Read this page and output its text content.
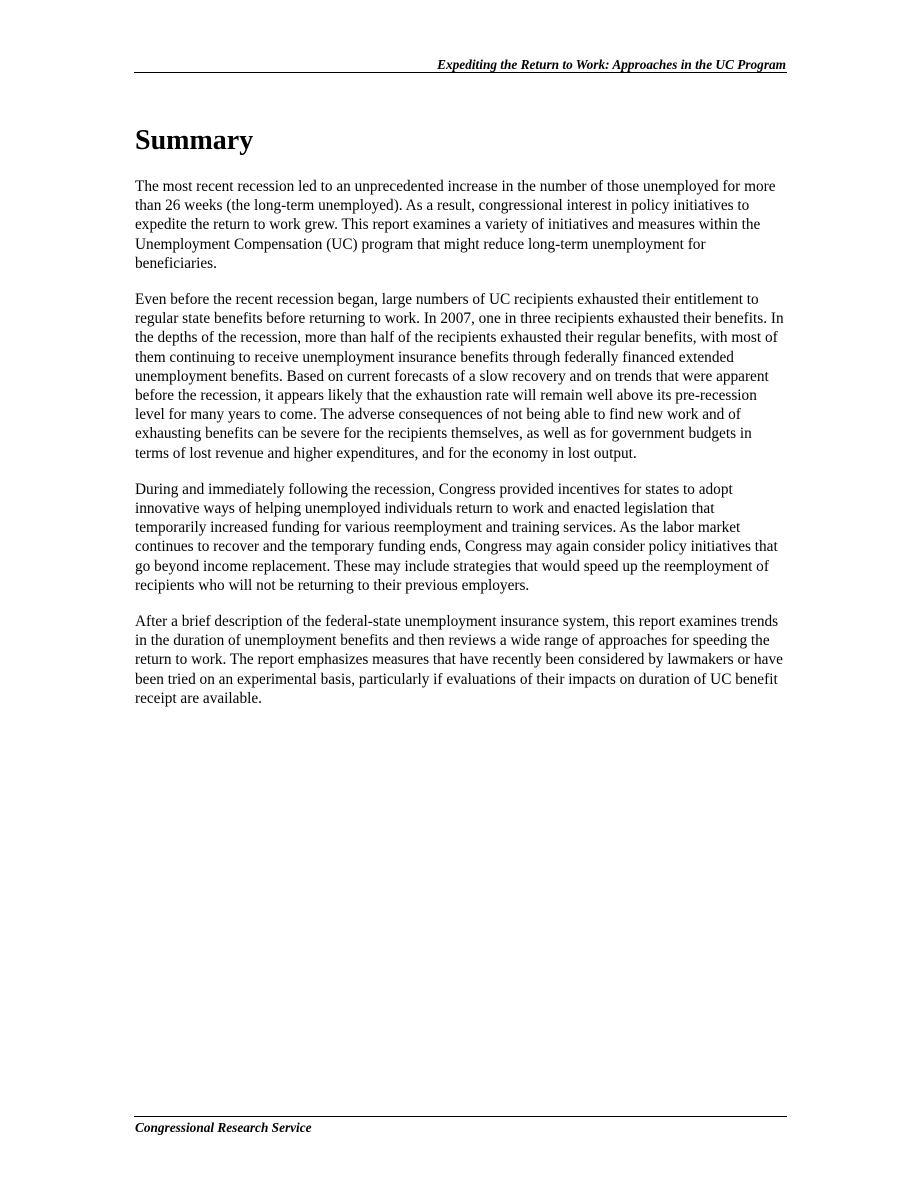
Expediting the Return to Work: Approaches in the UC Program
Summary

The most recent recession led to an unprecedented increase in the number of those unemployed for more than 26 weeks (the long-term unemployed). As a result, congressional interest in policy initiatives to expedite the return to work grew. This report examines a variety of initiatives and measures within the Unemployment Compensation (UC) program that might reduce long-term unemployment for beneficiaries.

Even before the recent recession began, large numbers of UC recipients exhausted their entitlement to regular state benefits before returning to work. In 2007, one in three recipients exhausted their benefits. In the depths of the recession, more than half of the recipients exhausted their regular benefits, with most of them continuing to receive unemployment insurance benefits through federally financed extended unemployment benefits. Based on current forecasts of a slow recovery and on trends that were apparent before the recession, it appears likely that the exhaustion rate will remain well above its pre-recession level for many years to come. The adverse consequences of not being able to find new work and of exhausting benefits can be severe for the recipients themselves, as well as for government budgets in terms of lost revenue and higher expenditures, and for the economy in lost output.

During and immediately following the recession, Congress provided incentives for states to adopt innovative ways of helping unemployed individuals return to work and enacted legislation that temporarily increased funding for various reemployment and training services. As the labor market continues to recover and the temporary funding ends, Congress may again consider policy initiatives that go beyond income replacement. These may include strategies that would speed up the reemployment of recipients who will not be returning to their previous employers.

After a brief description of the federal-state unemployment insurance system, this report examines trends in the duration of unemployment benefits and then reviews a wide range of approaches for speeding the return to work. The report emphasizes measures that have recently been considered by lawmakers or have been tried on an experimental basis, particularly if evaluations of their impacts on duration of UC benefit receipt are available.

Congressional Research Service
